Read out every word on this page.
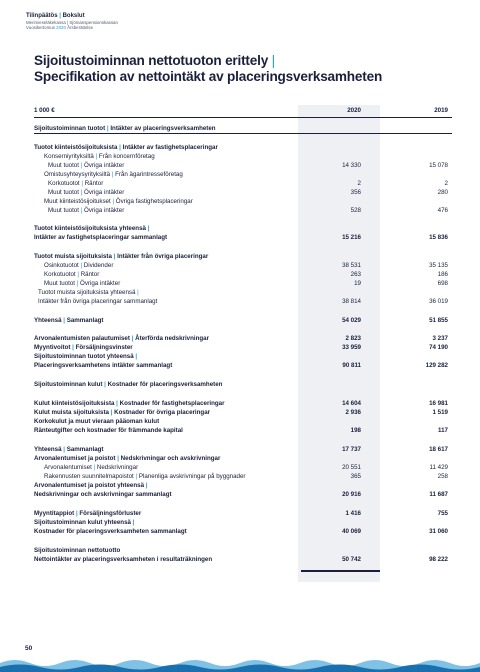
Tilinpäätös | Bokslut
Merimieseläkekassa | Sjömanspensionskassan
Vuosikertomus 2020 Årsberättelse
Sijoitustoiminnan nettotuoton erittely |
Specifikation av nettointäkt av placeringsverksamheten
1 000 €	2020	2019
Sijoitustoiminnan tuotot | Intäkter av placeringsverksamheten
Tuotot kiinteistösijoituksista | Intäkter av fastighetsplaceringar
Konserniyrityksiltä | Från koncernföretag
Muut tuotot | Övriga intäkter	14 330	15 078
Omistusyhteysyrityksiltä | Från ägarintresseföretag
Korkotuotot | Räntor	2	2
Muut tuotot | Övriga intäkter	356	280
Muut kiinteistösijoitukset | Övriga fastighetsplaceringar
Muut tuotot | Övriga intäkter	528	476
Tuotot kiinteistösijoituksista yhteensä |
Intäkter av fastighetsplaceringar sammanlagt	15 216	15 836
Tuotot muista sijoituksista | Intäkter från övriga placeringar
Osinkotuotot | Dividender	38 531	35 135
Korkotuotot | Räntor	263	186
Muut tuotot | Övriga intäkter	19	698
Tuotot muista sijoituksista yhteensä |
Intäkter från övriga placeringar sammanlagt	38 814	36 019
Yhteensä | Sammanlagt	54 029	51 855
Arvonalentumisten palautumiset | Återförda nedskrivningar	2 823	3 237
Myyntivoitot | Försäljningsvinster	33 959	74 190
Sijoitustoiminnan tuotot yhteensä |
Placeringsverksamhetens intäkter sammanlagt	90 811	129 282
Sijoitustoiminnan kulut | Kostnader för placeringsverksamheten
Kulut kiinteistösijoituksista | Kostnader för fastighetsplaceringar	14 604	16 981
Kulut muista sijoituksista | Kostnader för övriga placeringar	2 936	1 519
Korkokulut ja muut vieraan pääoman kulut
Ränteutgifter och kostnader för främmande kapital	198	117
Yhteensä | Sammanlagt	17 737	18 617
Arvonalentumiset ja poistot | Nedskrivningar och avskrivningar
Arvonalentumiset | Nedskrivningar	20 551	11 429
Rakennusten suunnitelmapoistot | Planenliga avskrivningar på byggnader	365	258
Arvonalentumiset ja poistot yhteensä |
Nedskrivningar och avskrivningar sammanlagt	20 916	11 687
Myyntitappiot | Försäljningsförluster	1 416	755
Sijoitustoiminnan kulut yhteensä |
Kostnader för placeringsverksamheten sammanlagt	40 069	31 060
Sijoitustoiminnan nettotuotto
Nettointäkter av placeringsverksamheten i resultaträkningen	50 742	98 222
50
